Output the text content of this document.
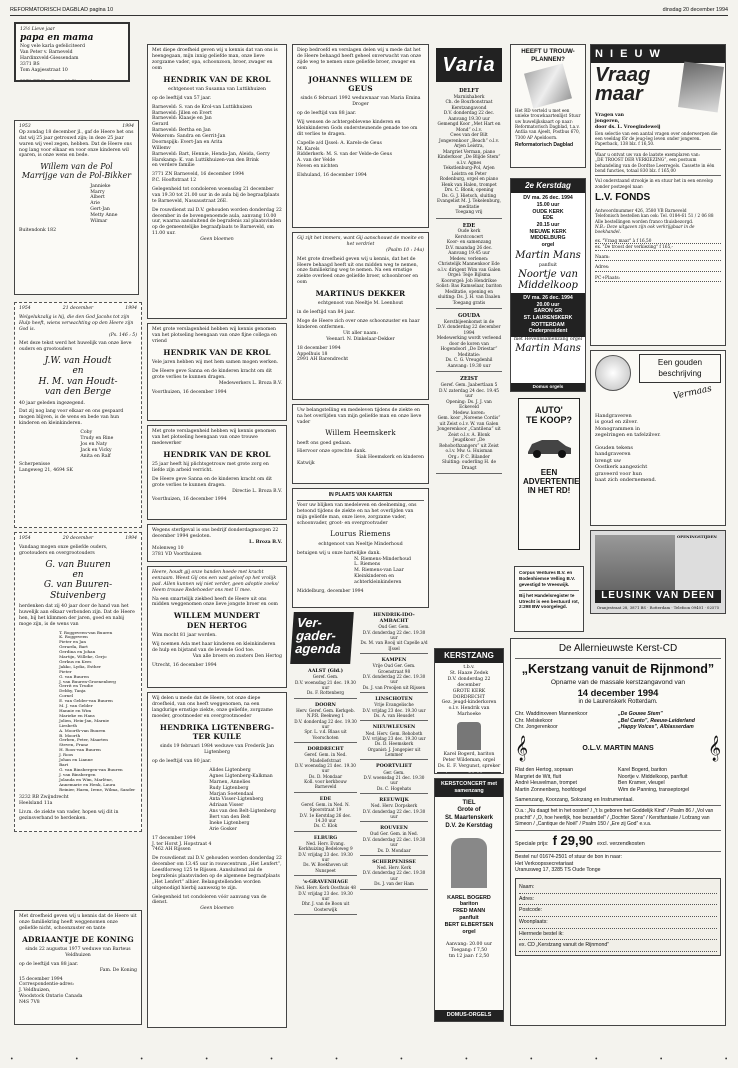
REFORMATORISCH DAGBLAD pagina 10	dinsdag 20 december 1994

13½ Lieve jaar

papa en mama

Nog vele karla gefeliciteerd

Van Peter v. Barneveld

Hardinxveld-Giessendam

3371 BS

Tom Aapjesstraat 10

1953	1994

Op zondag 18 december jl., gaf de Heere het ons dat wij 25 jaar getrouwd zijn; in deze 25 jaar waren wij veel zegen, hebben. Dat de Heere ons nog lang voor elkaar en voor onze kinderen wil sparen, is onze wens en bede.

Willem van de Pol
Marrijge van de Pol-Bikker

Jannieke

Marry

Albert

Arie

Gert-Jan

Metty Anne

Wilmar

Buitendonk 182

1954	21 december	1994

Welgelukzalig is hij, die den God Jacobs tot zijn Hulp heeft, wiens verwachting op den Heere zijn God is.

(Ps. 146 : 5)

Met deze tekst werd het huwelijk van onze lieve ouders en grootouders

J.W. van Houdt
en
H. M. van Houdt-
van den Berge

40 jaar geleden ingezegend.

Dat zij nog lang voor elkaar en ons gespaard mogen blijven, is de wens en bede van hun kinderen en kleinkinderen.

Coby

Trudy en Rine

Jos en Naty

Jack en Vicky

Anita en Ralf

Scherpenisse
Langeweg 21, 4694 SK

1954	20 december	1994

Vandaag mogen onze geliefde ouders, grootouders en overgrootouders

G. van Buuren
en
G. van Buuren-Stuivenberg

herdenken dat zij 40 jaar door de hand van het huwelijk aan elkaar verbonden zijn. Dat de Heere hen, bij het klimmen der jaren, goed en nabij moge zijn, is de wens van

T. Roggeveen-van Buuren

K. Roggeveen

Pieter en Jan

Gerarda, Bart

Gerdina en Johan

Martijn, Willeke, Gerjo

Gerkus en Kees

Jakko, Lydia, Esther

Pieter

G. van Buuren

J. van Buuren-Groenenberg

Gerrit en Trudie

Debby, Tanja

Cornel

E. van Gelder-van Buuren

M. J. van Gelder

Hannie en Wim

Marieke en Hans

Jolien, Hein-Jan, Marnie

Liesbeth

A. Moorth-van Buuren

B. Moorth

Gerben, Peter, Maarten

Steven, Franz

H. Roos-van Buuren

J. Roos

Johan en Lianne

Bart

G. van Binsbergen-van Buuren

J. van Binsbergen

Jolanda en Wim, Marlène,

Annemarie en Henk, Laura

Reinier, Harm, Irene, Wilma, Sander

3232 RB Zwijndrecht
Heelsland 11a

Liv.m. de ziekte van vader, hopen wij dit in gezinsverband te herdenken.

Met droefheid geven wij u kennis dat de Heere uit onze familiekring heeft weggenomen onze geliefde nicht, schoonzuster en tante

ADRIAANTJE DE KONING

sinds 22 augustus 1977 weduwe van Barteus Veldhuizen

op de leeftijd van 88 jaar.

Fam. De Koning

15 december 1994
Correspondentie-adres:
J. Veldhuizen,
Woodstock Ontario Canada
N4S 7V8

Met diepe droefheid geven wij u kennis dat van ons is heengegaan, mijn innig geliefde man, onze lieve zorgzame vader, opa, schoonzoon, broer, zwager en oom

HENDRIK VAN DE KROL

echtgenoot van Susanna van Luttikhuizen

op de leeftijd van 57 jaar.

Barneveld: S. van de Krol-van Luttikhuizen

Barneveld: Jillen en Evert

Barneveld: Klaasje en Jan

Gerard

Barneveld: Bertha en Jan

Wekerom: Sandra en Gerrit-Jan

Doornspijk: Evert-Jan en Arita

Willemv

Barneveld: Bart, Hennie, Henda-Jan, Aleida, Gerry

Harskamp: K. van Luttikhuizen-van den Brink

en verdere familie

3771 ZN Barneveld, 16 december 1994
P.C. Hooftstraat 12

Gelegenheid tot condoleren woensdag 21 december van 19.30 tot 21.00 uur in de aula bij de begraafplaats te Barneveld, Nassaustraat 26E.

De rouwdienst zal D.V. gehouden worden donderdag 22 december in de bovengenoemde aula, aanvang 10.00 uur, waarna aansluitend de begrafenis zal plaatsvinden op de gemeentelijke begraafplaats te Barneveld, om 11.00 uur.

Geen bloemen

Met grote verslagenheid hebben wij kennis genomen van het plotseling heengaan van onze fijne collega en vriend

HENDRIK VAN DE KROL

Vele jaren hebben wij met hem samen mogen werken.

De Heere geve Sanna en de kinderen kracht om dit grote verlies te kunnen dragen.

Medewerkers L. Broza B.V.

Voorthuizen, 16 december 1994

Met grote verslagenheid hebben wij kennis genomen van het plotseling heengaan van onze trouwe medewerker

HENDRIK VAN DE KROL

25 jaar heeft hij plichtsgetrouw met grote zorg en liefde zijn arbeid verricht.

De Heere geve Sanna en de kinderen kracht om dit grote verlies te kunnen dragen.

Directie L. Broza B.V.

Voorthuizen, 16 december 1994

Wegens sterfgeval is ons bedrijf donderdagmorgen 22 december 1994 gesloten.

L. Broza B.V.

Molenweg 10
3781 VD Voorthuizen

Heere, houdt gij onze handen hoede met kracht eenzaam. Weest Gij ons een vast geloof op het vrolijk pad. Allen kunnen wij niet verder, geen adoptie zoeks/ Neem trouwe Redehoeder ons met U mee.

Na een smartelijk ziekbed heeft de Heere uit ons midden weggenomen onze lieve jongste broer en oom

WILLEM MUNDERT
DEN HERTOG

Wim mocht 81 jaar worden.

Wij noemen Ada met haar kinderen en kleinkinderen de hulp en bijstand van de levende God toe.

Van alle broers en zusters Den Hertog

Utrecht, 16 december 1994

Wij delen u mede dat de Heere, tot onze diepe droefheid, van ons heeft weggenomen, na een langdurige ernstige ziekte, onze geliefde, zorgzame moeder, grootmoeder en overgrootmoeder

HENDRIKA LIGTENBERG-
TER KUILE

sinds 19 februari 1984 weduwe van Frederik Jan Ligtenberg

op de leeftijd van 80 jaar.

Alides Ligtenberg

Agnes Ligtenberg-Kalkman

Marnen, Annelies

Rudy Ligtenberg

Marjan Soetendaal

Anta Visser-Ligtenberg

Adriaan Visser

Ans van den Belt-Ligtenberg

Bert van den Belt

Ineke Ligtenberg

Arie Gosker

17 december 1994
J. ter Horst J. Hopstraat 4
7462 AH Rijssen

De rouwdienst zal D.V. gehouden worden donderdag 22 december om 13.45 uur in rouwcentrum „Het Lenfert”, Leesfdorweg 125 te Rijssen. Aansluitend zal de begrafenis plaatsvinden op de algemene begraafplaats „Het Lenfert” alhier. Belangstellenden worden uitgenodigd hierbij aanwezig te zijn.

Gelegenheid tot condoleren vóór aanvang van de dienst.

Geen bloemen

Diep bedroefd en verslagen delen wij u mede dat het de Heere behaagd heeft geheel onverwacht van onze zijde weg te nemen onze geliefde broer, zwager en oom

JOHANNES WILLEM DE GEUS

sinds 6 februari 1992 weduwnaar van Maria Emina Droger

op de leeftijd van 88 jaar.

Wij wensen de achtergeblevene kinderen en kleinkinderen Gods ondersteunende genade toe om dit verlies te dragen.

Capelle a/d IJssel: A. Karels-de Geus

M. Karels

Ridderkerk: M. S. van der Velde-de Geus

A. van der Velde

Neven en nichten

Elshuland, 16 december 1994

Gij zijt het immers, want Gij aanschouwt de moeite en het verdriet

(Psalm 10 : 14a)

Met grote droefheid geven wij u kennis, dat het de Heere behaagd heeft uit ons midden weg te nemen, onze familiekring weg te nemen. Na een ernstige ziekte overleed onze geliefde broer, schoonbroer en oom

MARTINUS DEKKER

echtgenoot van Neeltje M. Leenhout

in de leeftijd van 84 jaar.

Moge de Heere zich over onze schoonzuster en haar kinderen ontfermen.

Uit aller naam:
Veenarl. N. Dinkelaar-Dekker

18 december 1994
Appelhuis 18
2991 AH Barendrecht

Uw belangstelling en medeleven tijdens de ziekte en na het overlijden van mijn geliefde man en onze lieve vader

Willem Heemskerk

heeft ons goed gedaan.

Hiervoor onze oprechte dank.

Siak Heemskerk en kinderen

Katwijk

IN PLAATS VAN KAARTEN

Voor uw blijken van medeleven en deelneming, ons betoond tijdens de ziekte en na het overlijden van mijn geliefde man, onze lieve, zorgzame vader, schoonvader, groot- en overgrootvader

Lourus Riemens

echtgenoot van Neeltje Minderhoud

betuigen wij u onze hartelijke dank.

N. Riemens-Minderhoud

L. Riemens

M. Riemens-van Laar

Kleinkinderen en achterkleinkinderen

Middelburg, december 1994

Ver-
gader-
agenda
AALST (Gld.)
Geref. Gem.
D.V. woensdag 21 dec. 19.30 uur
Ds. F. Rottenberg
DOORN
Herv. Geref. Gem. Kerkgeb. N.P.R. Beekweg 1
D.V. donderdag 22 dec. 19.30 uur
Spr. L. v.d. Blaas uit Voorschoten
DORDRECHT
Geref. Gem. in Ned. Madeliefstraat
D.V. woensdag 21 dec. 19.30 uur
Ds. D. Mondaar
Koll. voor kerkbouw Barneveld
EDE
Geref. Gem. in Ned. N. Spoorstraat 19
D.V. 1e Kerstdag 26 dec. 14.30 uur
Ds. C. Klok
ELBURG
Ned. Herv. Evang. Kerkhuizing Bedeloweg 9
D.V. vrijdag 23 dec. 19.30 uur
Ds. W. Boekhoven uit Nunspeet
's-GRAVENHAGE
Ned. Herv. Kerk Oosthuis 48
D.V. vrijdag 23 dec. 19.30 uur
Dhr. J. van de Boon uit Oosterwijk
HENDRIK-IDO-AMBACHT
Oud Ger. Gem.
D.V. donderdag 22 dec. 19.30 uur
Ds. M. van Rooij uit Capelle a/d IJssel
KAMPEN
Vrije Oud Ger. Gem. Groenstraat 98
D.V. donderdag 22 dec. 19.30 uur
Ds. J. van Prooijen uit Rijssen
LINSCHOTEN
Vrije Evangelische
D.V. vrijdag 23 dec. 19.30 uur
Ds. A. van Heusdet
NIEUWLEUSEN
Ned. Herv. Gem. Rehoboth
D.V. vrijdag 23 dec. 19.30 uur
Ds. D. Heemskerk
Organist: J. Jongepier uit Lemmer
POORTVLIET
Ger. Gem.
D.V. woensdag 21 dec. 19.30 uur
Ds. C. Hogehats
REEUWIJK
Ned. Herv. Dorpskerk
D.V. donderdag 22 dec. 19.30 uur
ROUVEEN
Oud Ger. Gem. in Ned.
D.V. donderdag 22 dec. 19.30 uur
Ds. D. Mondaar
SCHERPENISSE
Ned. Herv. Kerk
D.V. donderdag 22 dec. 19.30 uur
Ds. J. van der Ham
Varia
DELFT
Marnixhaberk
Ch. de Bourbonstraat
Kerstzangavond
D.V. donderdag 22 dec.
Aanvang 19.30 uur
Gemengd Koor „Met Hart en Mond” o.l.v.
Cees van der Bilt
Jongerenkoor „Beach” o.l.v. Arjen Leistra,
Margriet Verman, piano
Kinderkoor „De Blijde Stem” o.l.v. Agnes
Tekstlenburg-Pol, Arjen Leistra en Peter
Rodenburg, orgel en piano
Henk van Halen, trompet
Drs. C. Blonk, opening
Ds. G. J. Hietsch, sluiting
Evangelist M. J. Tekelenburg, meditatie
Toegang vrij
EDE
Oude kerk
Kerstconcert
Koor- en samenzang
D.V. maandag 26 dec.
Aanvang 19.45 uur
Medew. verlenen:
Christelijk Mannenkoor Ede o.l.v. dirigent Wim van Galen
Orgel: Teije Bijlsma
Koororgel: Job Hendrikse
Solist: Bas Ramselaar, bariton
Meditatie, opening en sluiting: Ds. J. H. van Daalen
Toegang gratis
GOUDA
Kerstbijeenkomst in de
D.V. donderdag 22 december 1994
Medewerking wordt verleend door de koren van Hogendoorl „De Driestar”
Meditatie:
Ds. C. G. Vreugdenhil
Aanvang: 19.30 uur
ZEIST
Geref. Gem. Jaabertlaan 5
D.V. zaterdag 24 dec. 19.45 uur
Opening: Ds. J. J. van Eckeveld
Medew. koren:
Gem. koor „Noreene Cordis” uit Zeist o.l.v. W. van Galen
Jongerenkoor „Cantilena” uit Zeist o.l.v. A. Blonk
Jeugdkoor „De Rehobothzangers” uit Zeist
o.l.v. Mw. G. Huisman
Org.: P. C. Bilander
Sluiting: ouderling H. de Draagt
KERSTZANG
t.b.v.
St. Haaze Zedek
D.V. donderdag 22 december
GROTE KERK DORDRECHT
Gez. jeugd-kinderkoren o.l.v. Hendrik van Marhoeke
Karel Bogerd, bariton
Peter Wildeman, orgel
Ds. E. F. Vergunst, spreker
KERSTCONCERT met samenzang
TIEL
Grote of
St. Maartenskerk
D.V. 2e Kerstdag
KAREL BOGERD
bariton
FRED MANN
panfluit
BERT ELBERTSEN
orgel
Aanvang: 20.00 uur
Toegang: f 7,50
tm 12 jaar: f 2,50
DOMUS-ORGELS
HEEFT U TROUW-
PLANNEN?

Het RD verteld u met een unieke trouwkaartenlijst Stuur uw huwelijkskaart op naar: Reformatorisch Dagblad, t.a.v. Antlia van Ajeelt, Postbus 670, 7300 AP Apeldoorn.

Reformatorisch Dagblad

2e Kerstdag
DV ma. 26 dec. 1994
15.00 uur
OUDE KERK
EDE
20.15 uur
NIEUWE KERK
MIDDELBURG
orgel
Martin Mans
panfluit
Noortje van
Middelkoop
DV ma. 26 dec. 1994
20.00 uur
SARON GR
ST. LAURENSKERK
ROTTERDAM
Onderpresident
met Hevelinsamenzang orgel
Martin Mans
Domus orgels
AUTO'
TE KOOP?
EEN
ADVERTENTIE
IN HET RD!

Corpus Ventures B.V. en Bodenhiemse Velling B.V. gevestigd te Vreeswijk.

Bij het Handelsregister te Utrecht is een bestuurd rot, 2:298 BW voorgelegd.

N I E U W
Vraag
maar

Vragen van
jongeren,
door ds. L. Vroegindeweij

Een selectie van een aantal vragen over onderwerpen die een veeldag för de jeug-leg leven onder jongeren. Paperback, 138 blz. f 16,50.

Waar u ontvat uw van de laatste exemplaren van:
„DE TROOST DER VERKIEZING”, een postuum behandeling van de Dordtse Leerregels. Cassette in één bond functies, totaal 830 blz. f 165,00

Vul onderstaand strookje in en stuur het in een envelop zonder postzegel naar:

L.V. FONDS

Antwoordnummer 426, 3580 VB Barneveld
Telefonisch bestellen kan ook: Tel. 0184-61 51 / 2 06 88
Alle bestellingen worden franco thuisbezorgd.

N.B.: Deze uitgaven zijn ook verkrijgbaar in de boekhandel.

ex. "Vraag maar" à f 16,50

ex. "De troost der verkiezing" f 165,-

Naam:

Adres:

PC+Plaats:

Een gouden beschrijving
Handgraveren
is goud en zilver.
Monogrammen in
zegelringen en tafelzilver.

Gouden tekens
handgraveren
brengt uw
Oostkerk aangezicht
graveerd voor hun
baat zich ondernemend.
Vermaas
OPENINGSTIJDEN
LEUSINK VAN DEEN
Oranjestraat 28, 3871 BS · Rotterdam · Telefoon 09401 · 02575
De Allernieuwste Kerst-CD
„Kerstzang vanuit de Rijnmond”
Opname van de massale kerstzangavond van
14 december 1994
in de Laurenskerk Rotterdam.
Chr. Waddinxveen Mannenkoor	„De Gouwe Stem”
Chr. Melskekoor	„Bel Canto”, Reeuw-Leiderland
Chr. Jongerenkoor	„Happy Voices”, Alblasserdam
𝄞	O.L.V. MARTIN MANS	𝄞
Riat den Hertog, sopraan	Karel Bogerd, bariton
Margriet de Wit, fluit	Noortje v. Middelkoop, panfluit
André Heuvelman, trompet	Ben Kramer, vleugel
Martin Zonnenberg, hoofdorgel	Wim de Panning, transeptorgel

Samenzang, Koorzang, Solozang en Instrumentaal.

O.a.: „Nu daagt het in het oosten” / „'t Is geboren het Goddelijk Kind” / Psalm 86 / „Vol van prachtt” / „O, hoe heerlijk, hoe bezaetdel” / „Dochter Sions” / Kerstfantasie / Lofzang van Simeon / „Cantique de Noël” / Psalm 150 / „Ere zij God” e.v.a.

Speciale prijs: f 29,90 excl. verzendkosten

Bestel nu! 01674-2501 of stuur de bon in naar:

Het Verkoopssecretariaat
Uranusweg 17, 3285 TS Oude Tonge

Naam:

Adres:

Postcode:

Woonplaats:

Hierrnede bestel ik:

ex. CD „Kerstzang vanuit de Rijnmond”

•	•	•	•	•	•	•	•	•	•	•	•
